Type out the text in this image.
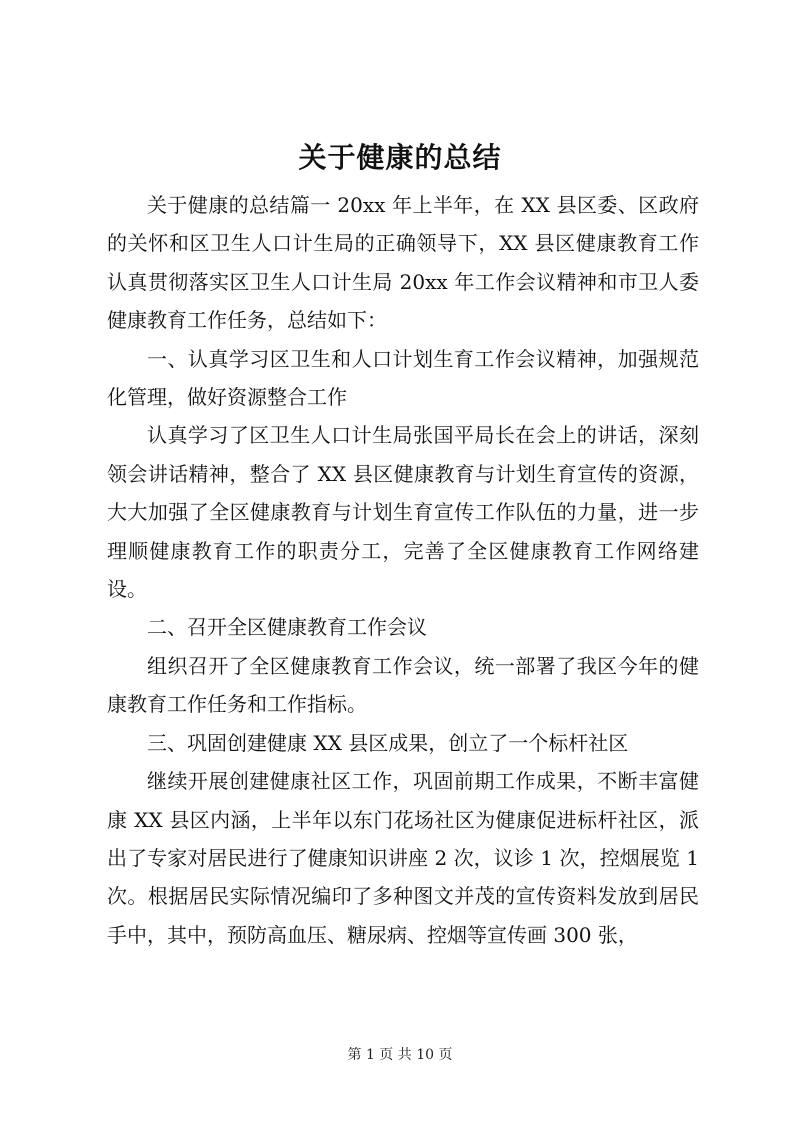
关于健康的总结

关于健康的总结篇一 20xx 年上半年，在 XX 县区委、区政府的关怀和区卫生人口计生局的正确领导下，XX 县区健康教育工作认真贯彻落实区卫生人口计生局 20xx 年工作会议精神和市卫人委健康教育工作任务，总结如下：

一、认真学习区卫生和人口计划生育工作会议精神，加强规范化管理，做好资源整合工作

认真学习了区卫生人口计生局张国平局长在会上的讲话，深刻领会讲话精神，整合了 XX 县区健康教育与计划生育宣传的资源，大大加强了全区健康教育与计划生育宣传工作队伍的力量，进一步理顺健康教育工作的职责分工，完善了全区健康教育工作网络建设。

二、召开全区健康教育工作会议

组织召开了全区健康教育工作会议，统一部署了我区今年的健康教育工作任务和工作指标。

三、巩固创建健康 XX 县区成果，创立了一个标杆社区

继续开展创建健康社区工作，巩固前期工作成果，不断丰富健康 XX 县区内涵，上半年以东门花场社区为健康促进标杆社区，派出了专家对居民进行了健康知识讲座 2 次，议诊 1 次，控烟展览 1 次。根据居民实际情况编印了多种图文并茂的宣传资料发放到居民手中，其中，预防高血压、糖尿病、控烟等宣传画 300 张，

第 1 页 共 10 页
